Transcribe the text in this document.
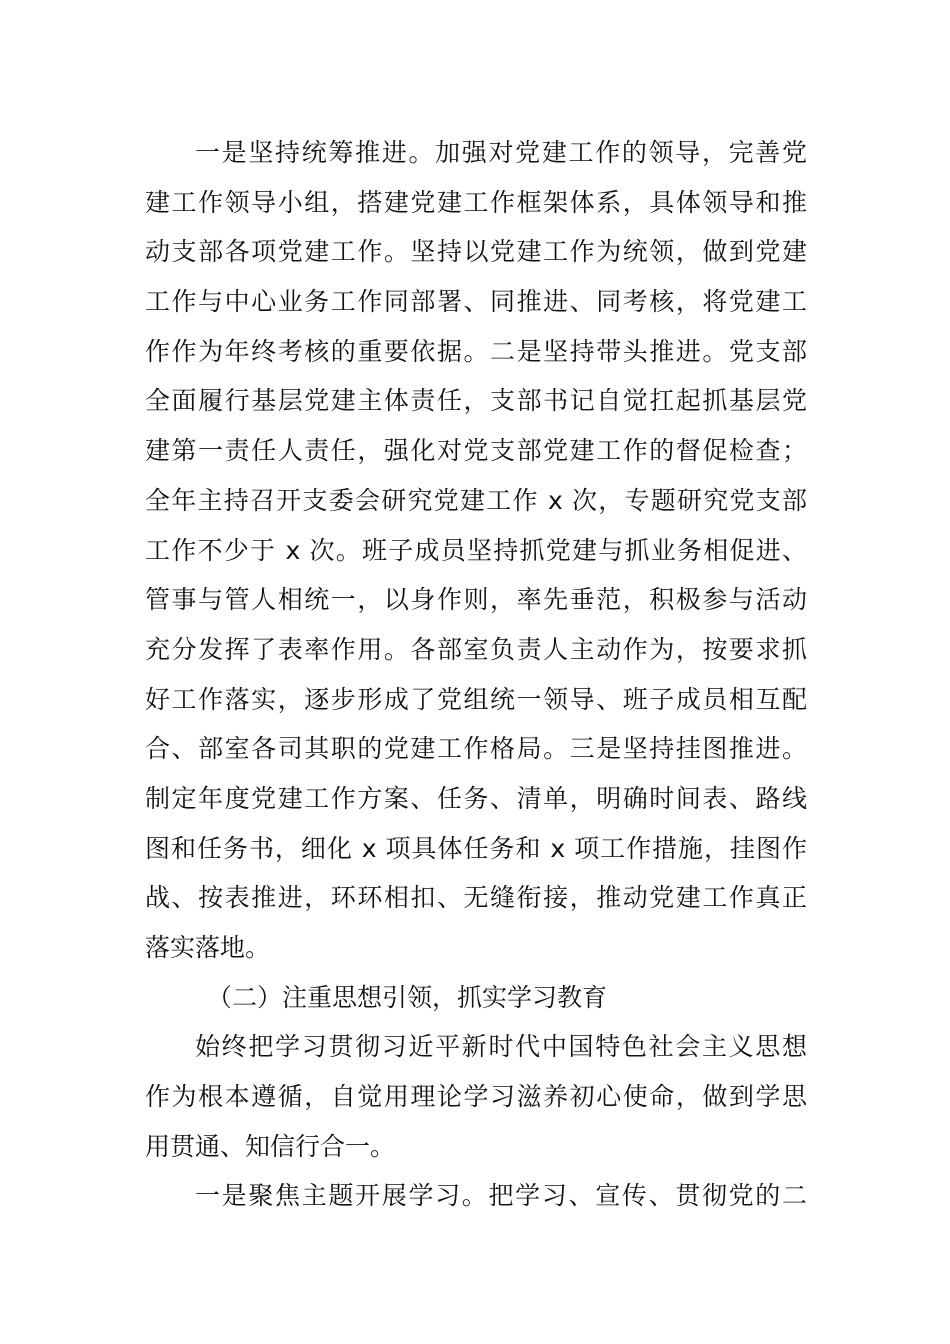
一是坚持统筹推进。加强对党建工作的领导，完善党
建工作领导小组，搭建党建工作框架体系，具体领导和推
动支部各项党建工作。坚持以党建工作为统领，做到党建
工作与中心业务工作同部署、同推进、同考核，将党建工
作作为年终考核的重要依据。二是坚持带头推进。党支部
全面履行基层党建主体责任，支部书记自觉扛起抓基层党
建第一责任人责任，强化对党支部党建工作的督促检查；
全年主持召开支委会研究党建工作 x 次，专题研究党支部
工作不少于 x 次。班子成员坚持抓党建与抓业务相促进、
管事与管人相统一，以身作则，率先垂范，积极参与活动
充分发挥了表率作用。各部室负责人主动作为，按要求抓
好工作落实，逐步形成了党组统一领导、班子成员相互配
合、部室各司其职的党建工作格局。三是坚持挂图推进。
制定年度党建工作方案、任务、清单，明确时间表、路线
图和任务书，细化 x 项具体任务和 x 项工作措施，挂图作
战、按表推进，环环相扣、无缝衔接，推动党建工作真正
落实落地。
（二）注重思想引领，抓实学习教育
始终把学习贯彻习近平新时代中国特色社会主义思想
作为根本遵循，自觉用理论学习滋养初心使命，做到学思
用贯通、知信行合一。
一是聚焦主题开展学习。把学习、宣传、贯彻党的二
